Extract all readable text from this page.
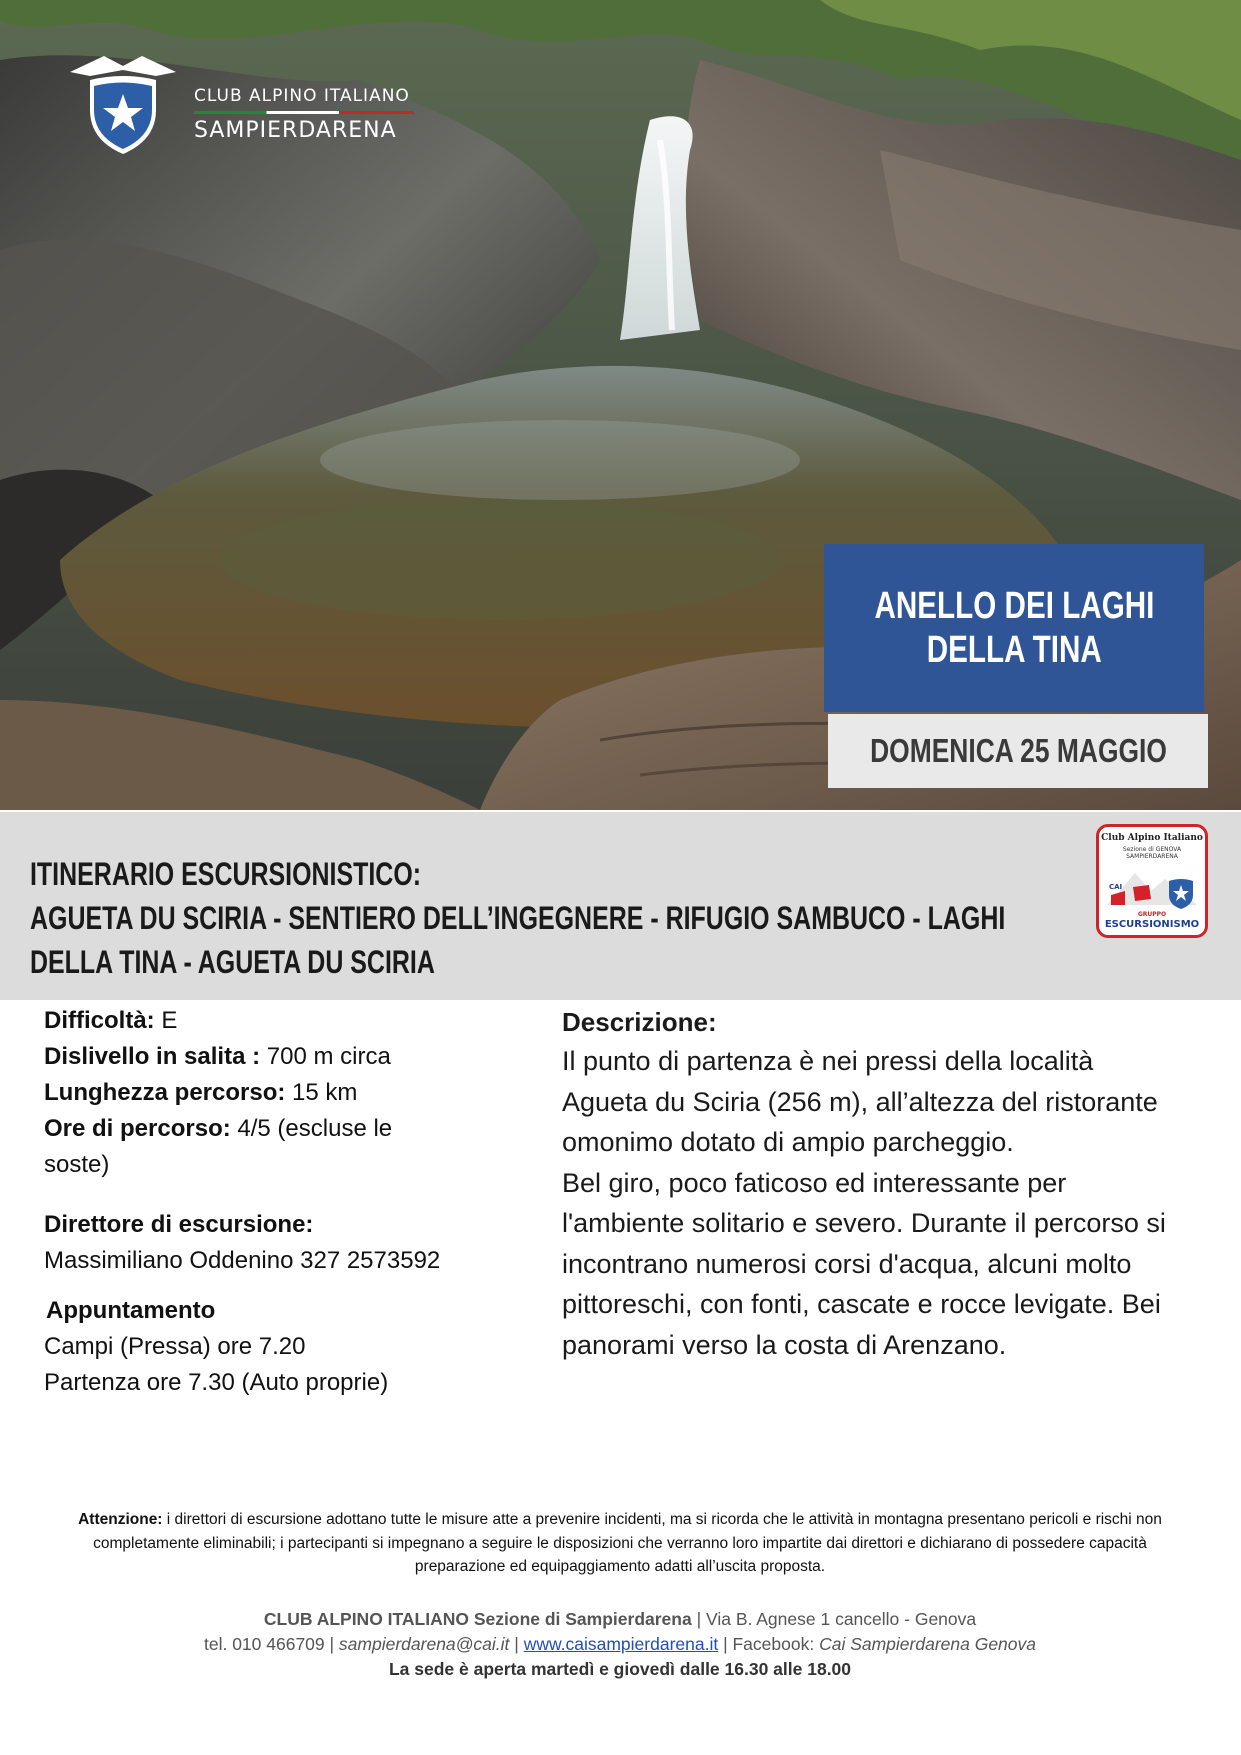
CLUB ALPINO ITALIANO
SAMPIERDARENA
ANELLO DEI LAGHI
DELLA TINA
DOMENICA 25 MAGGIO
ITINERARIO ESCURSIONISTICO:
AGUETA DU SCIRIA - SENTIERO DELL’INGEGNERE - RIFUGIO SAMBUCO - LAGHI
DELLA TINA - AGUETA DU SCIRIA
Club Alpino Italiano
Sezione di GENOVA
SAMPIERDARENA
CAI
GRUPPO
ESCURSIONISMO
Difficoltà: E
Dislivello in salita : 700 m circa
Lunghezza percorso: 15 km
Ore di percorso: 4/5 (escluse le soste)
Direttore di escursione:
Massimiliano Oddenino 327 2573592
Appuntamento
Campi (Pressa) ore 7.20
Partenza ore 7.30 (Auto proprie)
Descrizione:

Il punto di partenza è nei pressi della località Agueta du Sciria (256 m), all’altezza del ristorante omonimo dotato di ampio parcheggio.

Bel giro, poco faticoso ed interessante per l'ambiente solitario e severo. Durante il percorso si incontrano numerosi corsi d'acqua, alcuni molto pittoreschi, con fonti, cascate e rocce levigate. Bei panorami verso la costa di Arenzano.

Attenzione: i direttori di escursione adottano tutte le misure atte a prevenire incidenti, ma si ricorda che le attività in montagna presentano pericoli e rischi non completamente eliminabili; i partecipanti si impegnano a seguire le disposizioni che verranno loro impartite dai direttori e dichiarano di possedere capacità preparazione ed equipaggiamento adatti all’uscita proposta.
CLUB ALPINO ITALIANO Sezione di Sampierdarena | Via B. Agnese 1 cancello - Genova
tel. 010 466709 | sampierdarena@cai.it | www.caisampierdarena.it | Facebook: Cai Sampierdarena Genova
La sede è aperta martedì e giovedì dalle 16.30 alle 18.00
